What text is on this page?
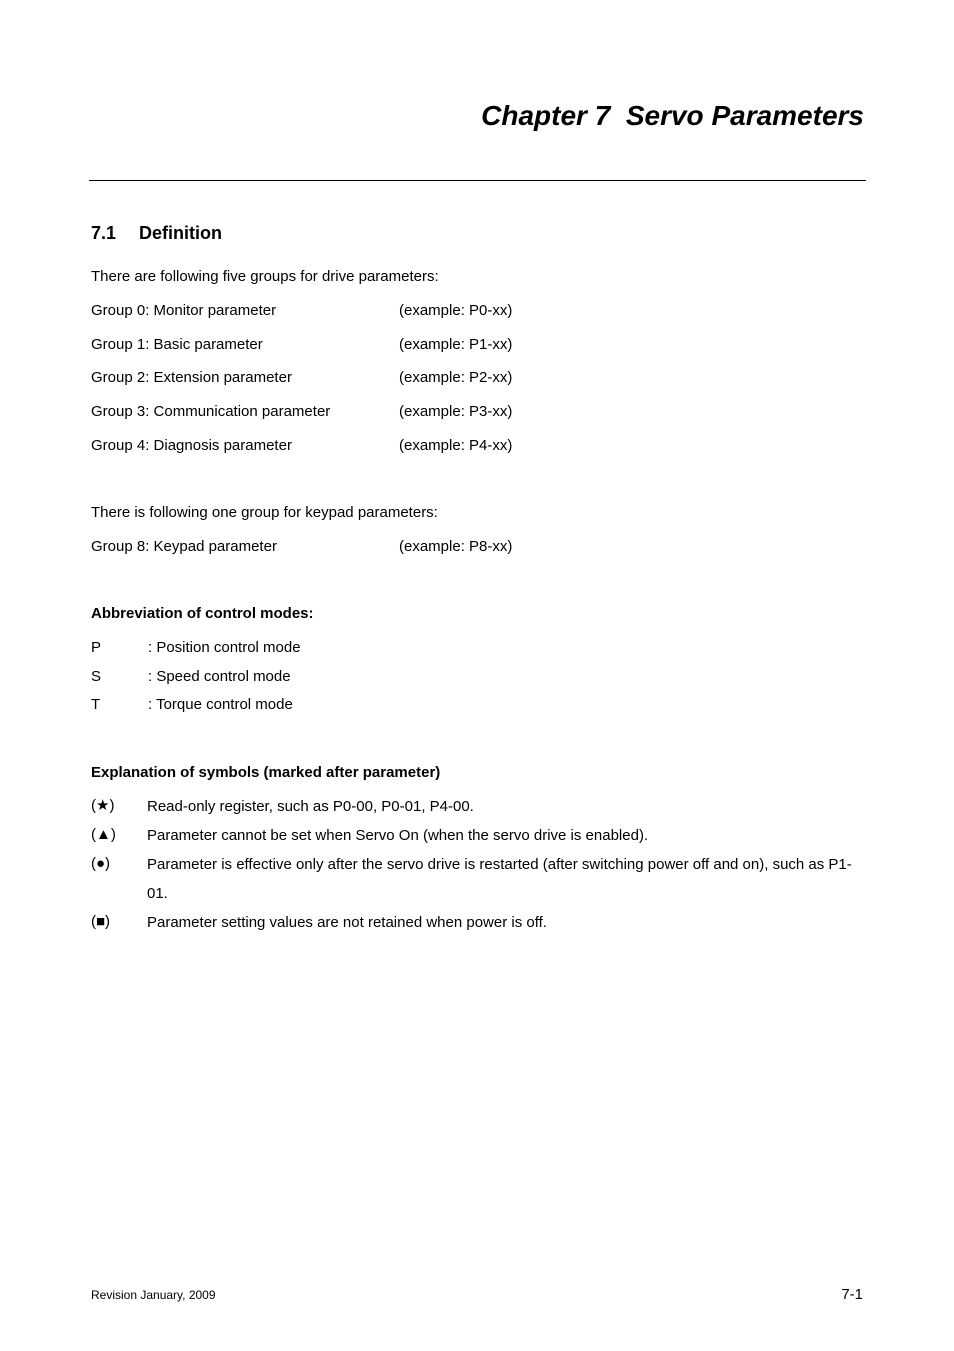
Chapter 7  Servo Parameters
7.1 Definition
There are following five groups for drive parameters:
Group 0: Monitor parameter	(example: P0-xx)
Group 1: Basic parameter	(example: P1-xx)
Group 2: Extension parameter	(example: P2-xx)
Group 3: Communication parameter	(example: P3-xx)
Group 4: Diagnosis parameter	(example: P4-xx)
There is following one group for keypad parameters:
Group 8: Keypad parameter	(example: P8-xx)
Abbreviation of control modes:
P	: Position control mode
S	: Speed control mode
T	: Torque control mode
Explanation of symbols (marked after parameter)
(★)	Read-only register, such as P0-00, P0-01, P4-00.
(▲)	Parameter cannot be set when Servo On (when the servo drive is enabled).
(●)	Parameter is effective only after the servo drive is restarted (after switching power off and on), such as P1-01.
(■)	Parameter setting values are not retained when power is off.
Revision January, 2009	7-1
